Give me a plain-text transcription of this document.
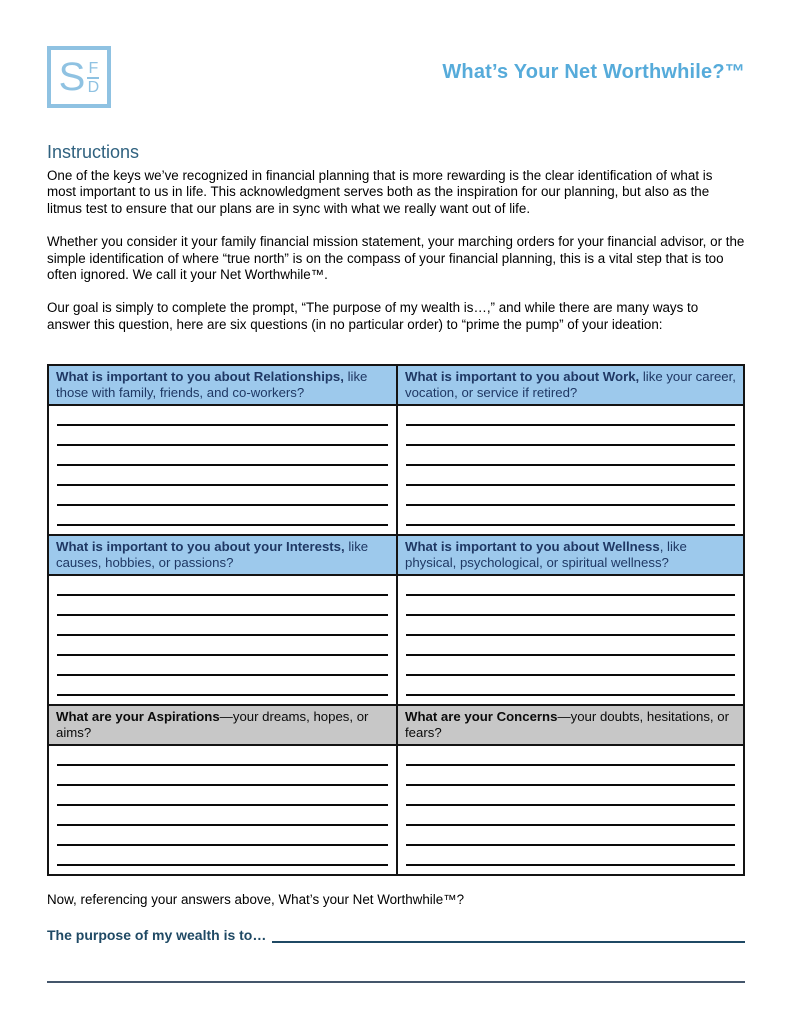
S F
D
What’s Your Net Worthwhile?™
Instructions
One of the keys we’ve recognized in financial planning that is more rewarding is the clear identification of what is most important to us in life. This acknowledgment serves both as the inspiration for our planning, but also as the litmus test to ensure that our plans are in sync with what we really want out of life.
Whether you consider it your family financial mission statement, your marching orders for your financial advisor, or the simple identification of where “true north” is on the compass of your financial planning, this is a vital step that is too often ignored. We call it your Net Worthwhile™.
Our goal is simply to complete the prompt, “The purpose of my wealth is…,” and while there are many ways to answer this question, here are six questions (in no particular order) to “prime the pump” of your ideation:
What is important to you about Relationships, like those with family, friends, and co-workers?
What is important to you about Work, like your career, vocation, or service if retired?
What is important to you about your Interests, like causes, hobbies, or passions?
What is important to you about Wellness, like physical, psychological, or spiritual wellness?
What are your Aspirations—your dreams, hopes, or aims?
What are your Concerns—your doubts, hesitations, or fears?
Now, referencing your answers above, What’s your Net Worthwhile™?
The purpose of my wealth is to…
